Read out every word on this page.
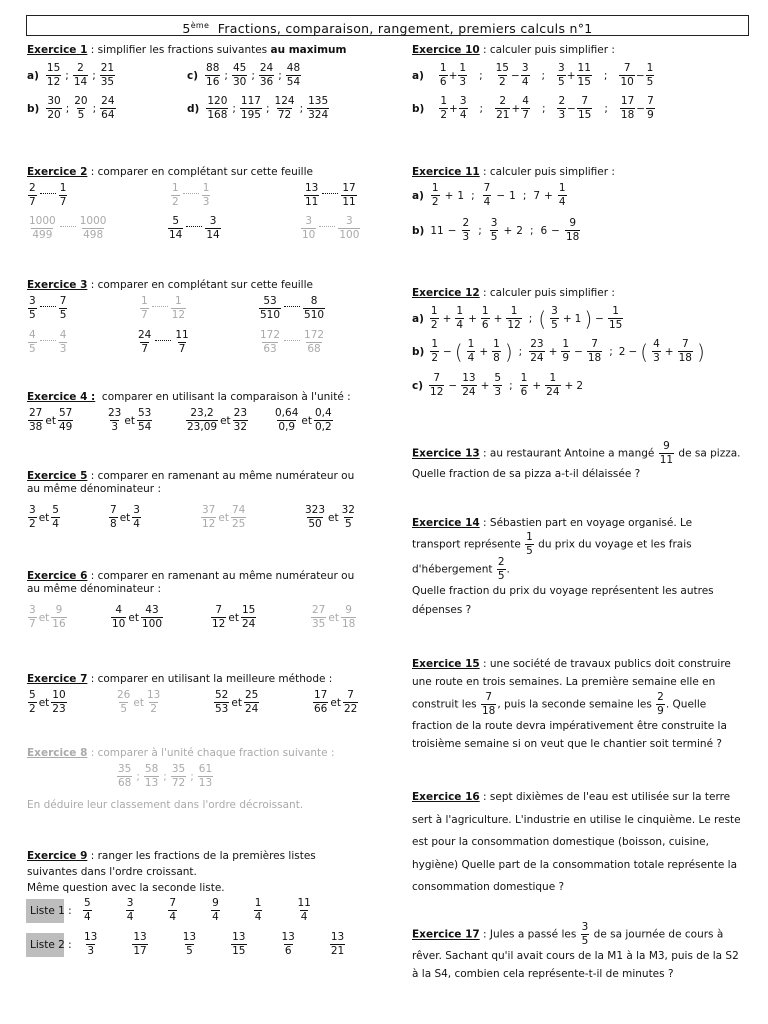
5ème Fractions, comparaison, rangement, premiers calculs n°1
Exercice 1 : simplifier les fractions suivantes au maximum
$a) \frac{15}{12}$ ; $\frac{2}{14}$ ; $\frac{21}{35}$
$b) \frac{30}{20}$ ; $\frac{20}{5}$ ; $\frac{24}{64}$
$c) \frac{88}{16}$ ; $\frac{45}{30}$ ; $\frac{24}{36}$ ; $\frac{48}{54}$
$d) \frac{120}{168}$ ; $\frac{117}{195}$ ; $\frac{124}{72}$ ; $\frac{135}{324}$
Exercice 2 : comparer en complétant sur cette feuille
2
7
1
7
1
2
1
3
13
11
17
11
1000
499
1000
498
5
14
3
14
3
10
3
100
Exercice 3 : comparer en complétant sur cette feuille
3
5
7
5
1
7
1
12
53
510
8
510
4
5
4
3
24
7
11
7
172
63
172
68
Exercice 4 : comparer en utilisant la comparaison à l'unité :
27
38
et
57
49
23
3
et
53
54
23,2
23,09
et
23
32
0,64
0,9
et
0,4
0,2
Exercice 5 : comparer en ramenant au même numérateur ou
au même dénominateur :
3
2
et
5
4
7
8
et
3
4
37
12
et
74
25
323
50
et
32
5
Exercice 6 : comparer en ramenant au même numérateur ou
au même dénominateur :
3
7
et
9
16
4
10
et
43
100
7
12
et
15
24
27
35
et
9
18
Exercice 7 : comparer en utilisant la meilleure méthode :
5
2
et
10
23
26
5
et
13
2
52
53
et
25
24
17
66
et
7
22
Exercice 8 : comparer à l'unité chaque fraction suivante :
$\frac{35}{68}$ ; $\frac{58}{13}$ ; $\frac{35}{72}$ ; $\frac{61}{13}$
En déduire leur classement dans l'ordre décroissant.
Exercice 9 : ranger les fractions de la premières listes
suivantes dans l'ordre croissant.
Même question avec la seconde liste.
Liste 1 :
5
4
3
4
7
4
9
4
1
4
11
4
Liste 2 :
13
3
13
17
13
5
13
15
13
6
13
21
Exercice 10 : calculer puis simplifier :
a)
1
6
+ $\frac{1}{3}$ ;
15
2
− $\frac{3}{4}$ ;
3
5
+ $\frac{11}{15}$ ;
7
10
− $\frac{1}{5}$
b)
1
2
+ $\frac{3}{4}$ ;
2
21
+ $\frac{4}{7}$ ;
2
3
− $\frac{7}{15}$ ;
17
18
− $\frac{7}{9}$
Exercice 11 : calculer puis simplifier :
a)
1
2
+ 1 ;
7
4
− 1 ; $7 + \frac{1}{4}$
b) $11 - \frac{2}{3}$ ;
3
5
+ 2 ; $6 - \frac{9}{18}$
Exercice 12 : calculer puis simplifier :
a)
1
2
+ $\frac{1}{4} + \frac{1}{6} + \frac{1}{12}$ ; ( 3
5
+ 1 ) − $\frac{1}{15}$
b)
1
2
− ( 1
4
+ $\frac{1}{8}$ ) ;
23
24
+ $\frac{1}{9} - \frac{7}{18}$ ; 2 − ( 4
3
+ $\frac{7}{18}$ )
c)
7
12
− $\frac{13}{24} + \frac{5}{3}$ ;
1
6
+ $\frac{1}{24} + 2$
Exercice 13 : au restaurant Antoine a mangé $\frac{9}{11}$ de sa pizza.
Quelle fraction de sa pizza a-t-il délaissée ?
Exercice 14 : Sébastien part en voyage organisé. Le
transport représente $\frac{1}{5}$ du prix du voyage et les frais
d'hébergement $\frac{2}{5}$ .
Quelle fraction du prix du voyage représentent les autres
dépenses ?
Exercice 15 : une société de travaux publics doit construire
une route en trois semaines. La première semaine elle en
construit les $\frac{7}{18}$ , puis la seconde semaine les $\frac{2}{9}$ . Quelle
fraction de la route devra impérativement être construite la
troisième semaine si on veut que le chantier soit terminé ?
Exercice 16 : sept dixièmes de l'eau est utilisée sur la terre
sert à l'agriculture. L'industrie en utilise le cinquième. Le reste
est pour la consommation domestique (boisson, cuisine,
hygiène) Quelle part de la consommation totale représente la
consommation domestique ?
Exercice 17 : Jules a passé les $\frac{3}{5}$ de sa journée de cours à
rêver. Sachant qu'il avait cours de la M1 à la M3, puis de la S2
à la S4, combien cela représente-t-il de minutes ?
